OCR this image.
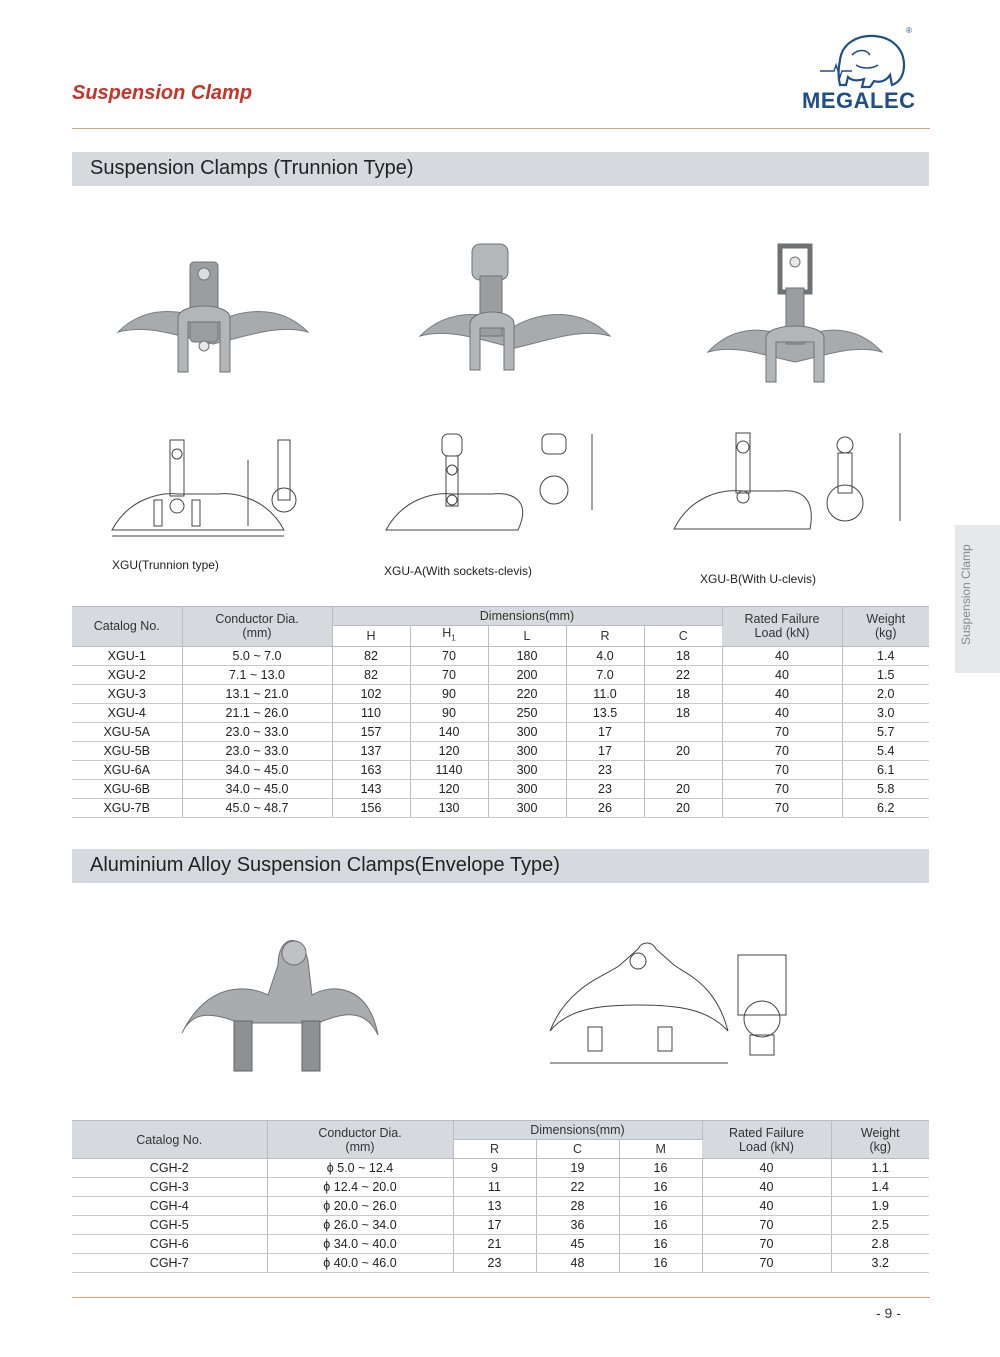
Suspension Clamp	MEGALEC
®
Suspension Clamp
Suspension Clamps (Trunnion Type)
XGU(Trunnion type)	XGU-A(With sockets-clevis)
XGU-B(With U-clevis)
Catalog No.	Conductor Dia.
(mm)	Dimensions(mm)					Rated Failure
Load (kN)	Weight
(kg)
		H	$H_1$	L	R	C		
XGU-1	5.0 ~ 7.0	82	70	180	4.0	18	40	1.4
XGU-2	7.1 ~ 13.0	82	70	200	7.0	22	40	1.5
XGU-3	13.1 ~ 21.0	102	90	220	11.0	18	40	2.0
XGU-4	21.1 ~ 26.0	110	90	250	13.5	18	40	3.0
XGU-5A	23.0 ~ 33.0	157	140	300	17		70	5.7
XGU-5B	23.0 ~ 33.0	137	120	300	17	20	70	5.4
XGU-6A	34.0 ~ 45.0	163	1140	300	23		70	6.1
XGU-6B	34.0 ~ 45.0	143	120	300	23	20	70	5.8
XGU-7B	45.0 ~ 48.7	156	130	300	26	20	70	6.2
Aluminium Alloy Suspension Clamps(Envelope Type)
Catalog No.	Conductor Dia.
(mm)	Dimensions(mm)			Rated Failure
Load (kN)	Weight
(kg)
		R	C	M		
CGH-2	ϕ 5.0 ~ 12.4	9	19	16	40	1.1
CGH-3	ϕ 12.4 ~ 20.0	11	22	16	40	1.4
CGH-4	ϕ 20.0 ~ 26.0	13	28	16	40	1.9
CGH-5	ϕ 26.0 ~ 34.0	17	36	16	70	2.5
CGH-6	ϕ 34.0 ~ 40.0	21	45	16	70	2.8
CGH-7	ϕ 40.0 ~ 46.0	23	48	16	70	3.2
- 9 -
